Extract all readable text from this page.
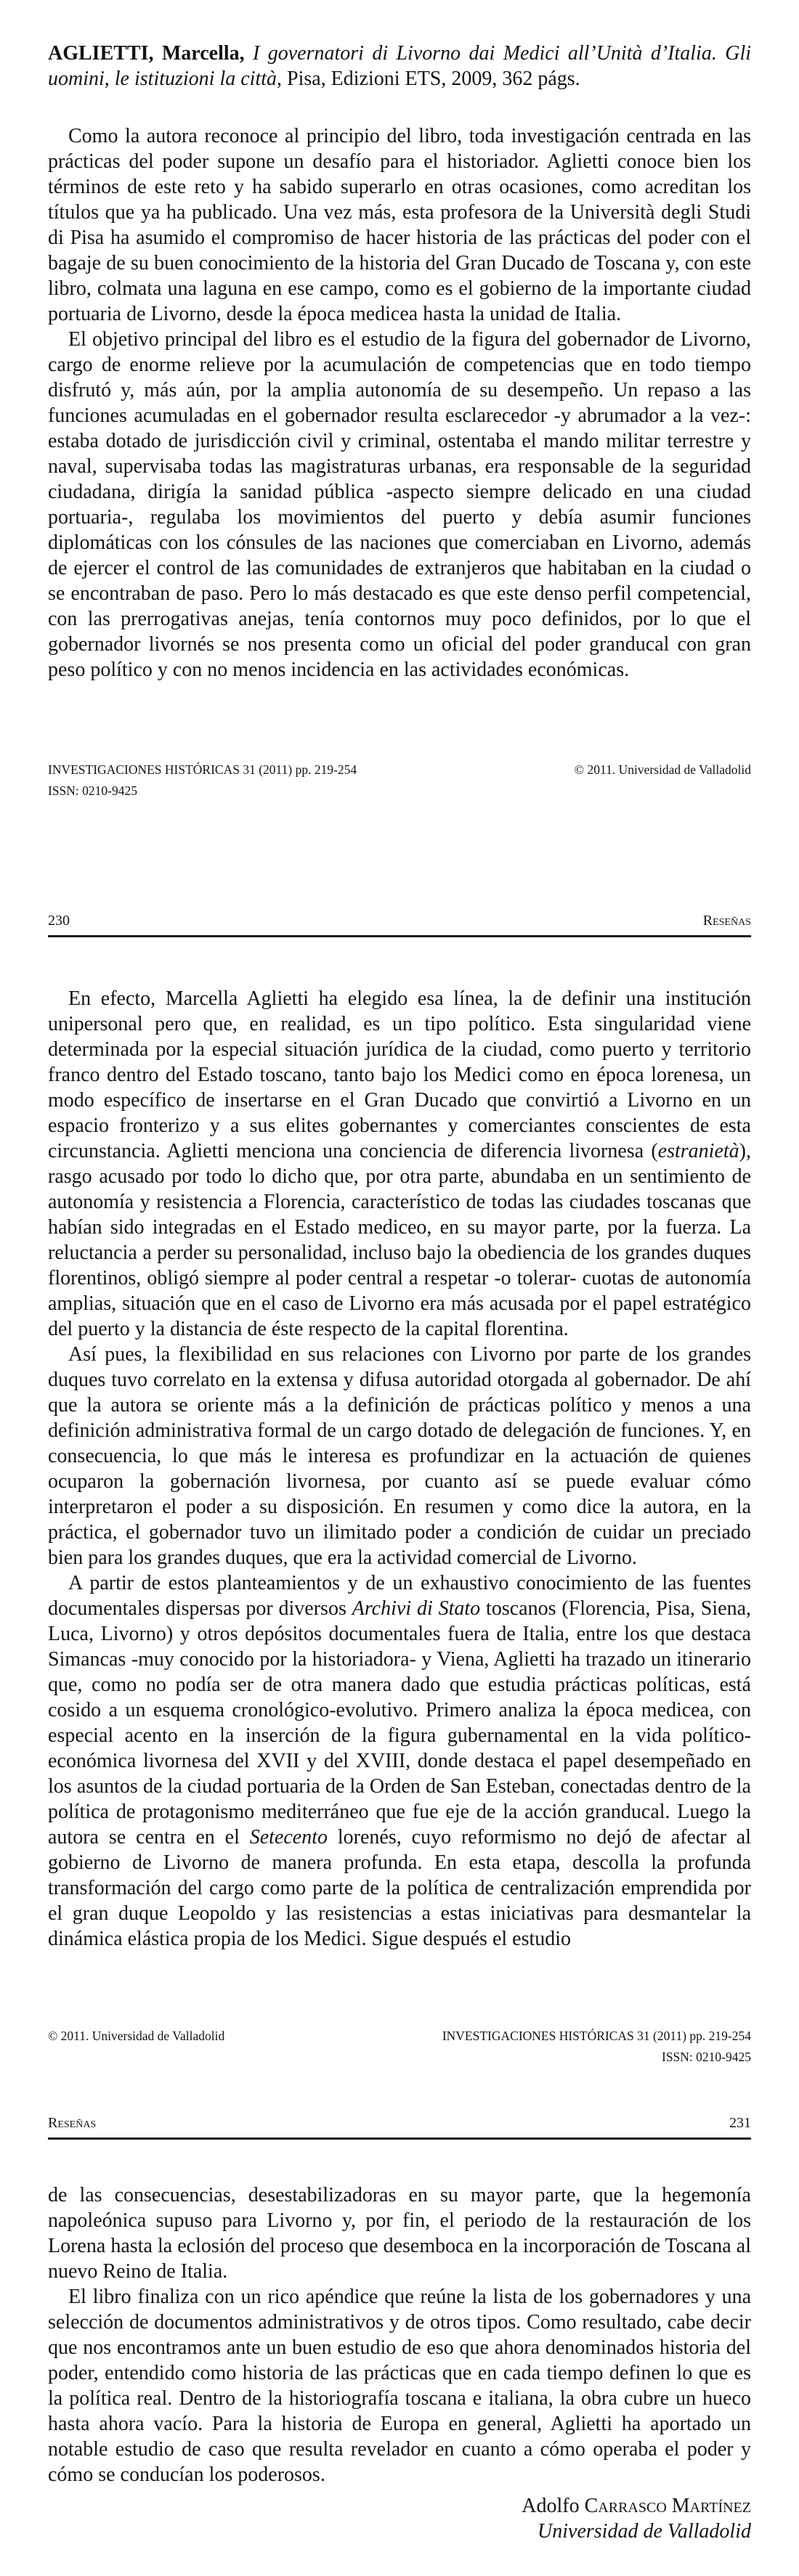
AGLIETTI, Marcella, I governatori di Livorno dai Medici all’Unità d’Italia. Gli uomini, le istituzioni la città, Pisa, Edizioni ETS, 2009, 362 págs.

Como la autora reconoce al principio del libro, toda investigación centrada en las prácticas del poder supone un desafío para el historiador. Aglietti conoce bien los términos de este reto y ha sabido superarlo en otras ocasiones, como acreditan los títulos que ya ha publicado. Una vez más, esta profesora de la Università degli Studi di Pisa ha asumido el compromiso de hacer historia de las prácticas del poder con el bagaje de su buen conocimiento de la historia del Gran Ducado de Toscana y, con este libro, colmata una laguna en ese campo, como es el gobierno de la importante ciudad portuaria de Livorno, desde la época medicea hasta la unidad de Italia.

El objetivo principal del libro es el estudio de la figura del gobernador de Livorno, cargo de enorme relieve por la acumulación de competencias que en todo tiempo disfrutó y, más aún, por la amplia autonomía de su desempeño. Un repaso a las funciones acumuladas en el gobernador resulta esclarecedor -y abrumador a la vez-: estaba dotado de jurisdicción civil y criminal, ostentaba el mando militar terrestre y naval, supervisaba todas las magistraturas urbanas, era responsable de la seguridad ciudadana, dirigía la sanidad pública -aspecto siempre delicado en una ciudad portuaria-, regulaba los movimientos del puerto y debía asumir funciones diplomáticas con los cónsules de las naciones que comerciaban en Livorno, además de ejercer el control de las comunidades de extranjeros que habitaban en la ciudad o se encontraban de paso. Pero lo más destacado es que este denso perfil competencial, con las prerrogativas anejas, tenía contornos muy poco definidos, por lo que el gobernador livornés se nos presenta como un oficial del poder granducal con gran peso político y con no menos incidencia en las actividades económicas.

INVESTIGACIONES HISTÓRICAS 31 (2011) pp. 219-254
ISSN: 0210-9425
© 2011. Universidad de Valladolid
230	Reseñas

En efecto, Marcella Aglietti ha elegido esa línea, la de definir una institución unipersonal pero que, en realidad, es un tipo político. Esta singularidad viene determinada por la especial situación jurídica de la ciudad, como puerto y territorio franco dentro del Estado toscano, tanto bajo los Medici como en época lorenesa, un modo específico de insertarse en el Gran Ducado que convirtió a Livorno en un espacio fronterizo y a sus elites gobernantes y comerciantes conscientes de esta circunstancia. Aglietti menciona una conciencia de diferencia livornesa (estranietà), rasgo acusado por todo lo dicho que, por otra parte, abundaba en un sentimiento de autonomía y resistencia a Florencia, característico de todas las ciudades toscanas que habían sido integradas en el Estado mediceo, en su mayor parte, por la fuerza. La reluctancia a perder su personalidad, incluso bajo la obediencia de los grandes duques florentinos, obligó siempre al poder central a respetar -o tolerar- cuotas de autonomía amplias, situación que en el caso de Livorno era más acusada por el papel estratégico del puerto y la distancia de éste respecto de la capital florentina.

Así pues, la flexibilidad en sus relaciones con Livorno por parte de los grandes duques tuvo correlato en la extensa y difusa autoridad otorgada al gobernador. De ahí que la autora se oriente más a la definición de prácticas político y menos a una definición administrativa formal de un cargo dotado de delegación de funciones. Y, en consecuencia, lo que más le interesa es profundizar en la actuación de quienes ocuparon la gobernación livornesa, por cuanto así se puede evaluar cómo interpretaron el poder a su disposición. En resumen y como dice la autora, en la práctica, el gobernador tuvo un ilimitado poder a condición de cuidar un preciado bien para los grandes duques, que era la actividad comercial de Livorno.

A partir de estos planteamientos y de un exhaustivo conocimiento de las fuentes documentales dispersas por diversos Archivi di Stato toscanos (Florencia, Pisa, Siena, Luca, Livorno) y otros depósitos documentales fuera de Italia, entre los que destaca Simancas -muy conocido por la historiadora- y Viena, Aglietti ha trazado un itinerario que, como no podía ser de otra manera dado que estudia prácticas políticas, está cosido a un esquema cronológico-evolutivo. Primero analiza la época medicea, con especial acento en la inserción de la figura gubernamental en la vida político-económica livornesa del XVII y del XVIII, donde destaca el papel desempeñado en los asuntos de la ciudad portuaria de la Orden de San Esteban, conectadas dentro de la política de protagonismo mediterráneo que fue eje de la acción granducal. Luego la autora se centra en el Setecento lorenés, cuyo reformismo no dejó de afectar al gobierno de Livorno de manera profunda. En esta etapa, descolla la profunda transformación del cargo como parte de la política de centralización emprendida por el gran duque Leopoldo y las resistencias a estas iniciativas para desmantelar la dinámica elástica propia de los Medici. Sigue después el estudio

© 2011. Universidad de Valladolid	INVESTIGACIONES HISTÓRICAS 31 (2011) pp. 219-254
ISSN: 0210-9425
Reseñas	231

de las consecuencias, desestabilizadoras en su mayor parte, que la hegemonía napoleónica supuso para Livorno y, por fin, el periodo de la restauración de los Lorena hasta la eclosión del proceso que desemboca en la incorporación de Toscana al nuevo Reino de Italia.

El libro finaliza con un rico apéndice que reúne la lista de los gobernadores y una selección de documentos administrativos y de otros tipos. Como resultado, cabe decir que nos encontramos ante un buen estudio de eso que ahora denominados historia del poder, entendido como historia de las prácticas que en cada tiempo definen lo que es la política real. Dentro de la historiografía toscana e italiana, la obra cubre un hueco hasta ahora vacío. Para la historia de Europa en general, Aglietti ha aportado un notable estudio de caso que resulta revelador en cuanto a cómo operaba el poder y cómo se conducían los poderosos.

Adolfo Carrasco Martínez
Universidad de Valladolid
